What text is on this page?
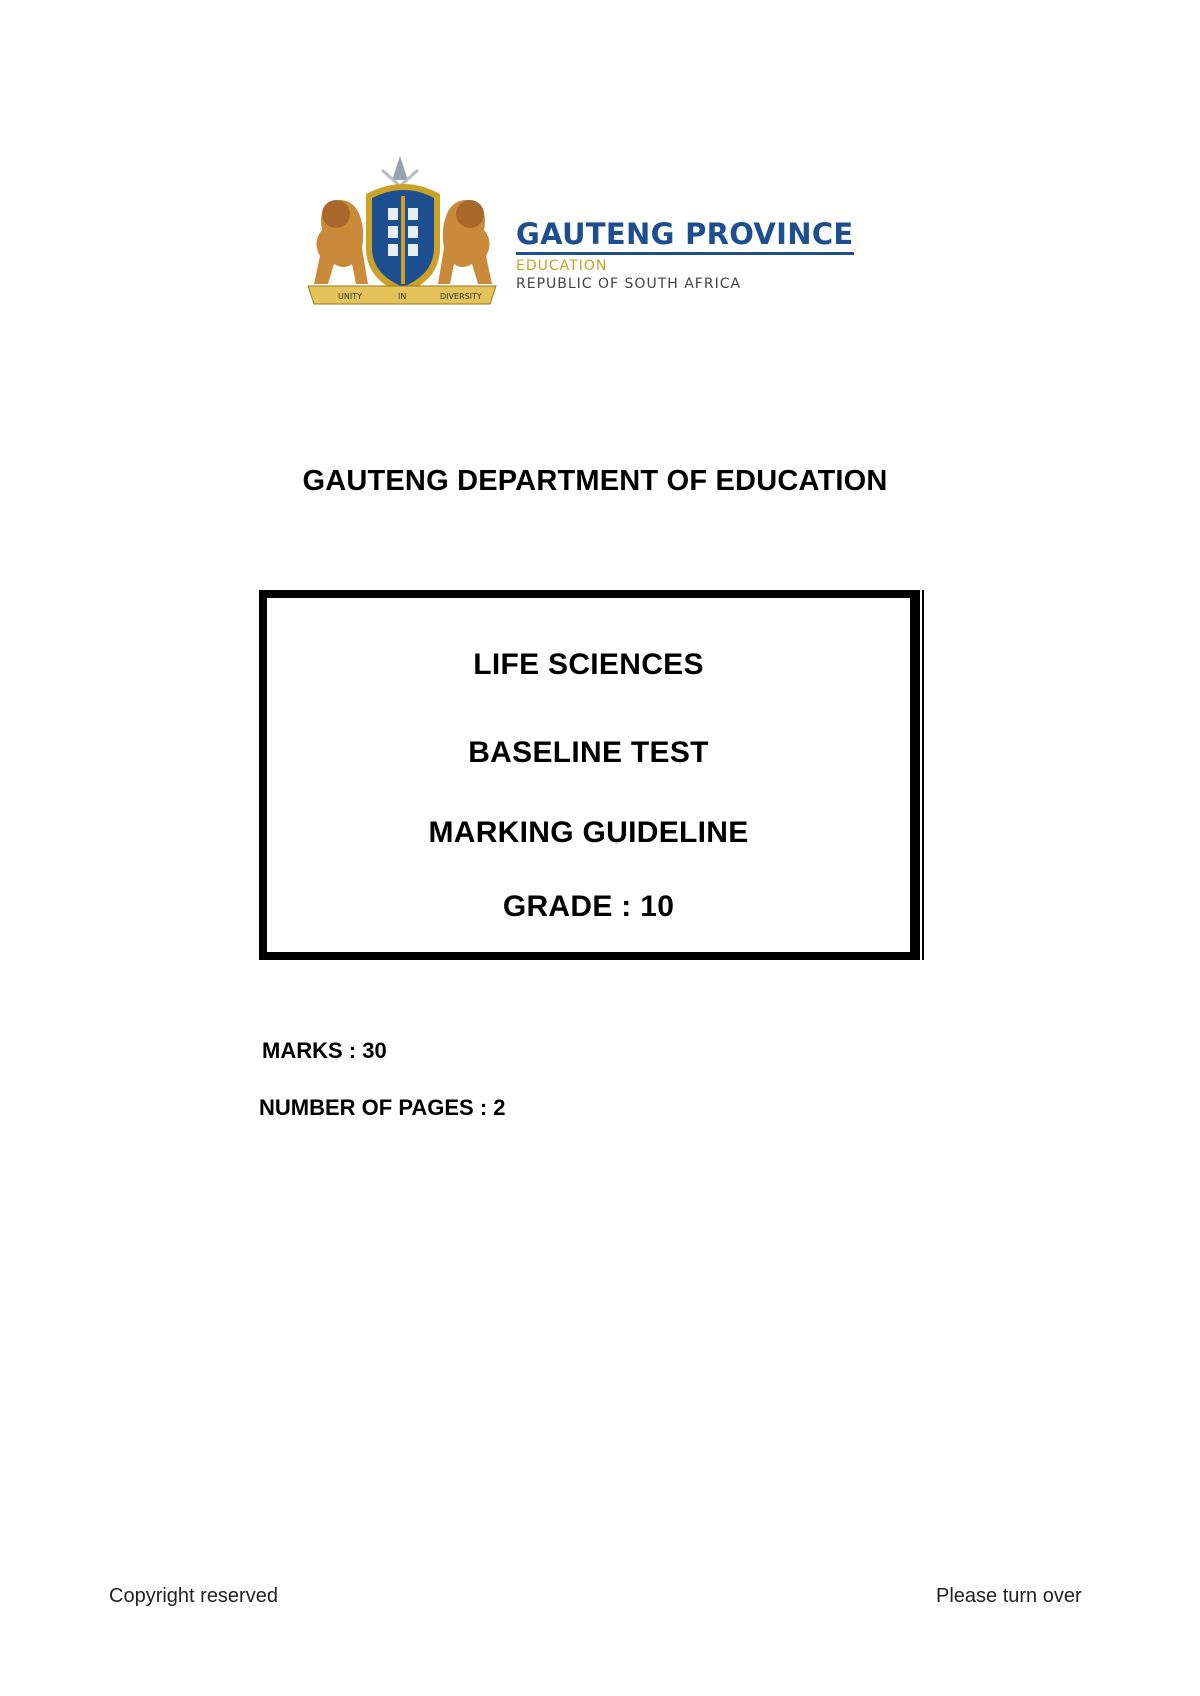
UNITY	IN	DIVERSITY
GAUTENG PROVINCE
EDUCATION
REPUBLIC OF SOUTH AFRICA
GAUTENG DEPARTMENT OF EDUCATION
LIFE SCIENCES
BASELINE TEST
MARKING GUIDELINE
GRADE : 10
MARKS : 30
NUMBER OF PAGES : 2
Copyright reserved	Please turn over
